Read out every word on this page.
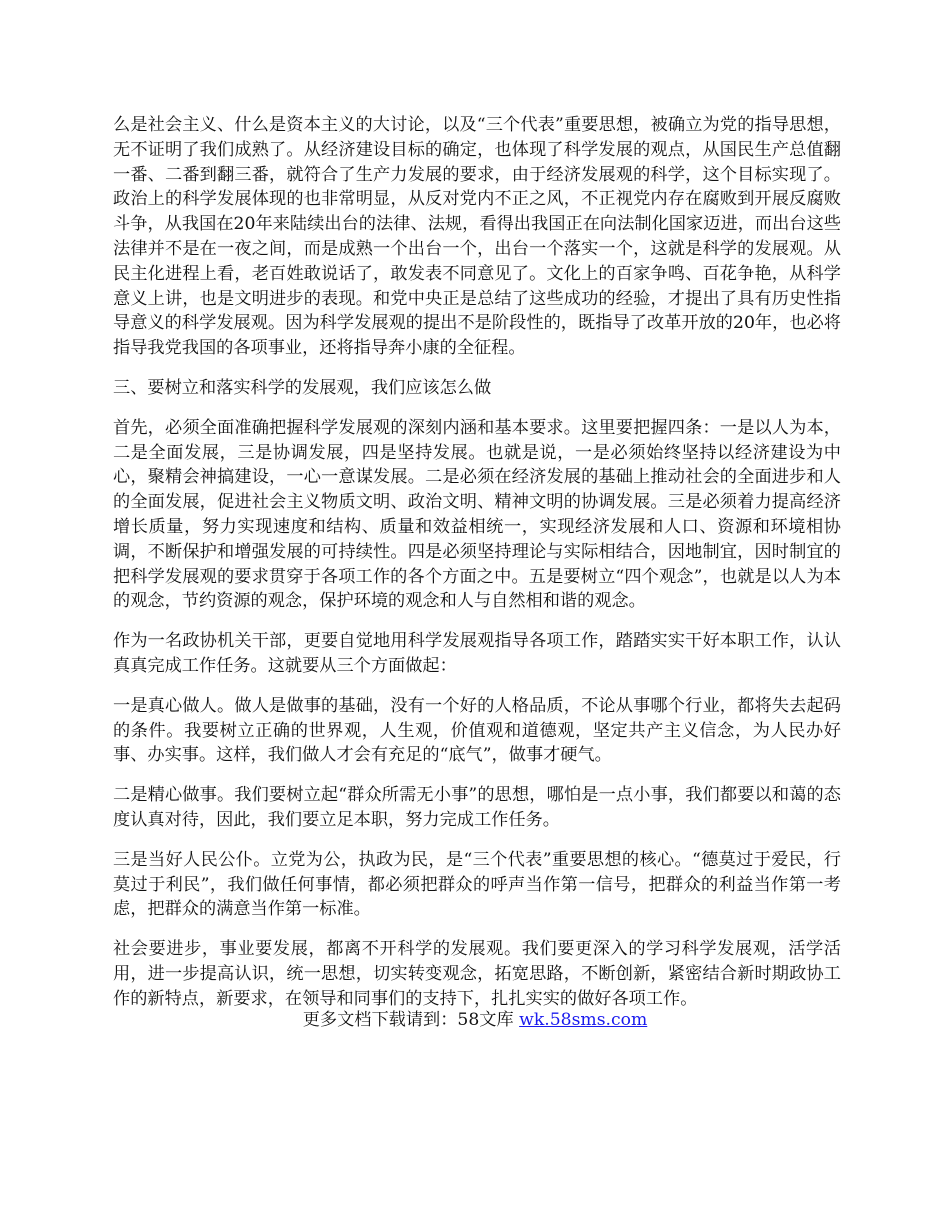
么是社会主义、什么是资本主义的大讨论，以及“三个代表”重要思想，被确立为党的指导思想，无不证明了我们成熟了。从经济建设目标的确定，也体现了科学发展的观点，从国民生产总值翻一番、二番到翻三番，就符合了生产力发展的要求，由于经济发展观的科学，这个目标实现了。政治上的科学发展体现的也非常明显，从反对党内不正之风，不正视党内存在腐败到开展反腐败斗争，从我国在20年来陆续出台的法律、法规，看得出我国正在向法制化国家迈进，而出台这些法律并不是在一夜之间，而是成熟一个出台一个，出台一个落实一个，这就是科学的发展观。从民主化进程上看，老百姓敢说话了，敢发表不同意见了。文化上的百家争鸣、百花争艳，从科学意义上讲，也是文明进步的表现。和党中央正是总结了这些成功的经验，才提出了具有历史性指导意义的科学发展观。因为科学发展观的提出不是阶段性的，既指导了改革开放的20年，也必将指导我党我国的各项事业，还将指导奔小康的全征程。

三、要树立和落实科学的发展观，我们应该怎么做

首先，必须全面准确把握科学发展观的深刻内涵和基本要求。这里要把握四条：一是以人为本，二是全面发展，三是协调发展，四是坚持发展。也就是说，一是必须始终坚持以经济建设为中心，聚精会神搞建设，一心一意谋发展。二是必须在经济发展的基础上推动社会的全面进步和人的全面发展，促进社会主义物质文明、政治文明、精神文明的协调发展。三是必须着力提高经济增长质量，努力实现速度和结构、质量和效益相统一，实现经济发展和人口、资源和环境相协调，不断保护和增强发展的可持续性。四是必须坚持理论与实际相结合，因地制宜，因时制宜的把科学发展观的要求贯穿于各项工作的各个方面之中。五是要树立“四个观念”，也就是以人为本的观念，节约资源的观念，保护环境的观念和人与自然相和谐的观念。

作为一名政协机关干部，更要自觉地用科学发展观指导各项工作，踏踏实实干好本职工作，认认真真完成工作任务。这就要从三个方面做起：

一是真心做人。做人是做事的基础，没有一个好的人格品质，不论从事哪个行业，都将失去起码的条件。我要树立正确的世界观，人生观，价值观和道德观，坚定共产主义信念，为人民办好事、办实事。这样，我们做人才会有充足的“底气”，做事才硬气。

二是精心做事。我们要树立起“群众所需无小事”的思想，哪怕是一点小事，我们都要以和蔼的态度认真对待，因此，我们要立足本职，努力完成工作任务。

三是当好人民公仆。立党为公，执政为民，是“三个代表”重要思想的核心。“德莫过于爱民，行莫过于利民”，我们做任何事情，都必须把群众的呼声当作第一信号，把群众的利益当作第一考虑，把群众的满意当作第一标准。

社会要进步，事业要发展，都离不开科学的发展观。我们要更深入的学习科学发展观，活学活用，进一步提高认识，统一思想，切实转变观念，拓宽思路，不断创新，紧密结合新时期政协工作的新特点，新要求，在领导和同事们的支持下，扎扎实实的做好各项工作。

更多文档下载请到：58文库 wk.58sms.com
